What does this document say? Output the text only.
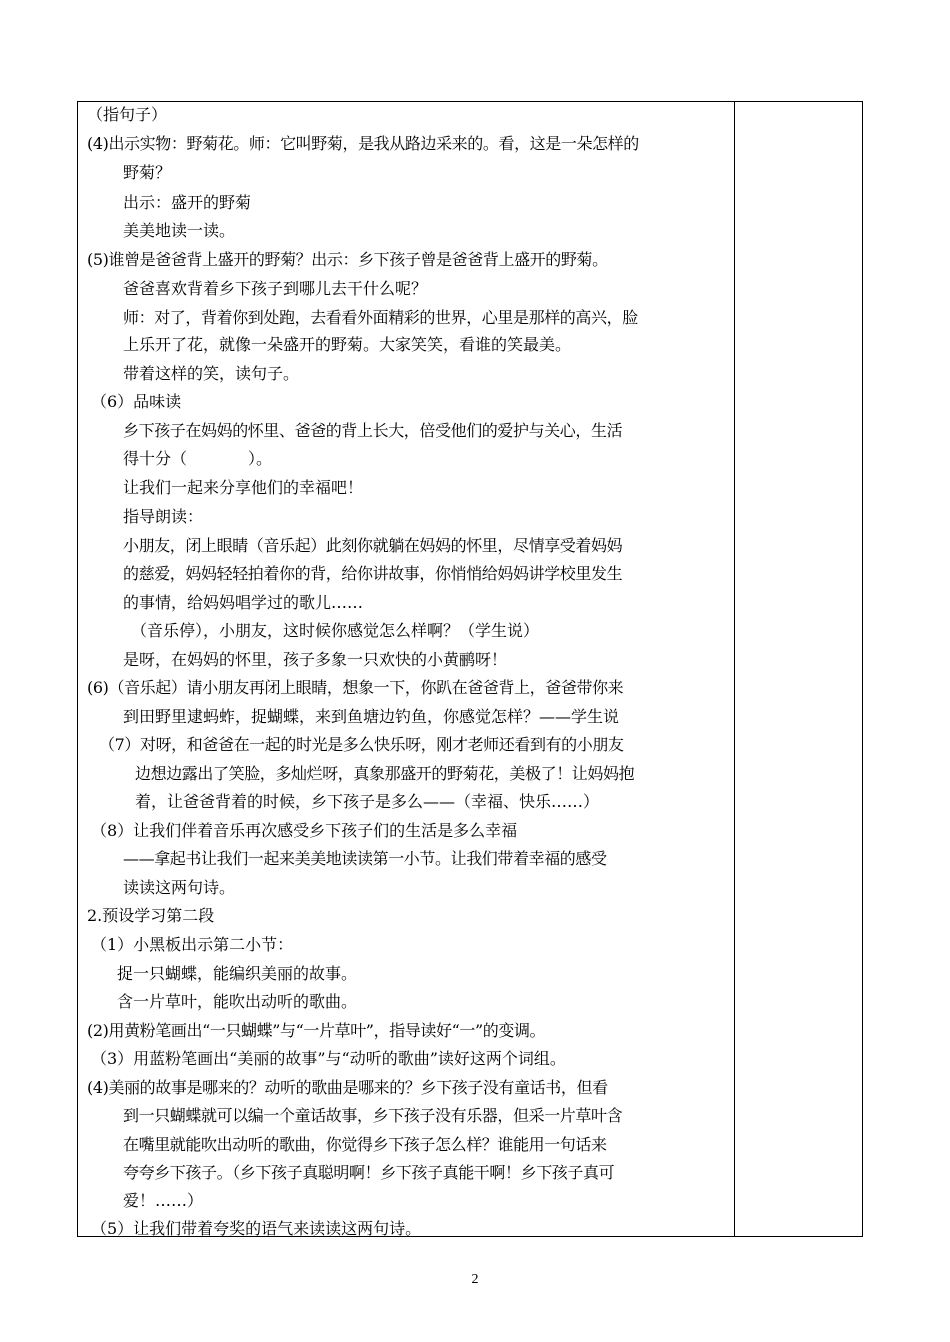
（指句子）
(4)出示实物：野菊花。师：它叫野菊，是我从路边采来的。看，这是一朵怎样的
野菊？
出示：盛开的野菊
美美地读一读。
(5)谁曾是爸爸背上盛开的野菊？出示：乡下孩子曾是爸爸背上盛开的野菊。
爸爸喜欢背着乡下孩子到哪儿去干什么呢？
师：对了，背着你到处跑，去看看外面精彩的世界，心里是那样的高兴，脸
上乐开了花，就像一朵盛开的野菊。大家笑笑，看谁的笑最美。
带着这样的笑，读句子。
（6）品味读
乡下孩子在妈妈的怀里、爸爸的背上长大，倍受他们的爱护与关心，生活
得十分（            ）。
让我们一起来分享他们的幸福吧！
指导朗读：
小朋友，闭上眼睛（音乐起）此刻你就躺在妈妈的怀里，尽情享受着妈妈
的慈爱，妈妈轻轻拍着你的背，给你讲故事，你悄悄给妈妈讲学校里发生
的事情，给妈妈唱学过的歌儿……
（音乐停），小朋友，这时候你感觉怎么样啊？（学生说）
是呀，在妈妈的怀里，孩子多象一只欢快的小黄鹂呀！
(6)（音乐起）请小朋友再闭上眼睛，想象一下，你趴在爸爸背上，爸爸带你来
到田野里逮蚂蚱，捉蝴蝶，来到鱼塘边钓鱼，你感觉怎样？——学生说
（7）对呀，和爸爸在一起的时光是多么快乐呀，刚才老师还看到有的小朋友
边想边露出了笑脸，多灿烂呀，真象那盛开的野菊花，美极了！让妈妈抱
着，让爸爸背着的时候，乡下孩子是多么——（幸福、快乐……）
（8）让我们伴着音乐再次感受乡下孩子们的生活是多么幸福
——拿起书让我们一起来美美地读读第一小节。让我们带着幸福的感受
读读这两句诗。
2.预设学习第二段
（1）小黑板出示第二小节：
捉一只蝴蝶，能编织美丽的故事。
含一片草叶，能吹出动听的歌曲。
(2)用黄粉笔画出“一只蝴蝶”与“一片草叶”，指导读好“一”的变调。
（3）用蓝粉笔画出“美丽的故事”与“动听的歌曲”读好这两个词组。
(4)美丽的故事是哪来的？动听的歌曲是哪来的？乡下孩子没有童话书，但看
到一只蝴蝶就可以编一个童话故事，乡下孩子没有乐器，但采一片草叶含
在嘴里就能吹出动听的歌曲，你觉得乡下孩子怎么样？谁能用一句话来
夸夸乡下孩子。（乡下孩子真聪明啊！乡下孩子真能干啊！乡下孩子真可
爱！……）
（5）让我们带着夸奖的语气来读读这两句诗。
2
